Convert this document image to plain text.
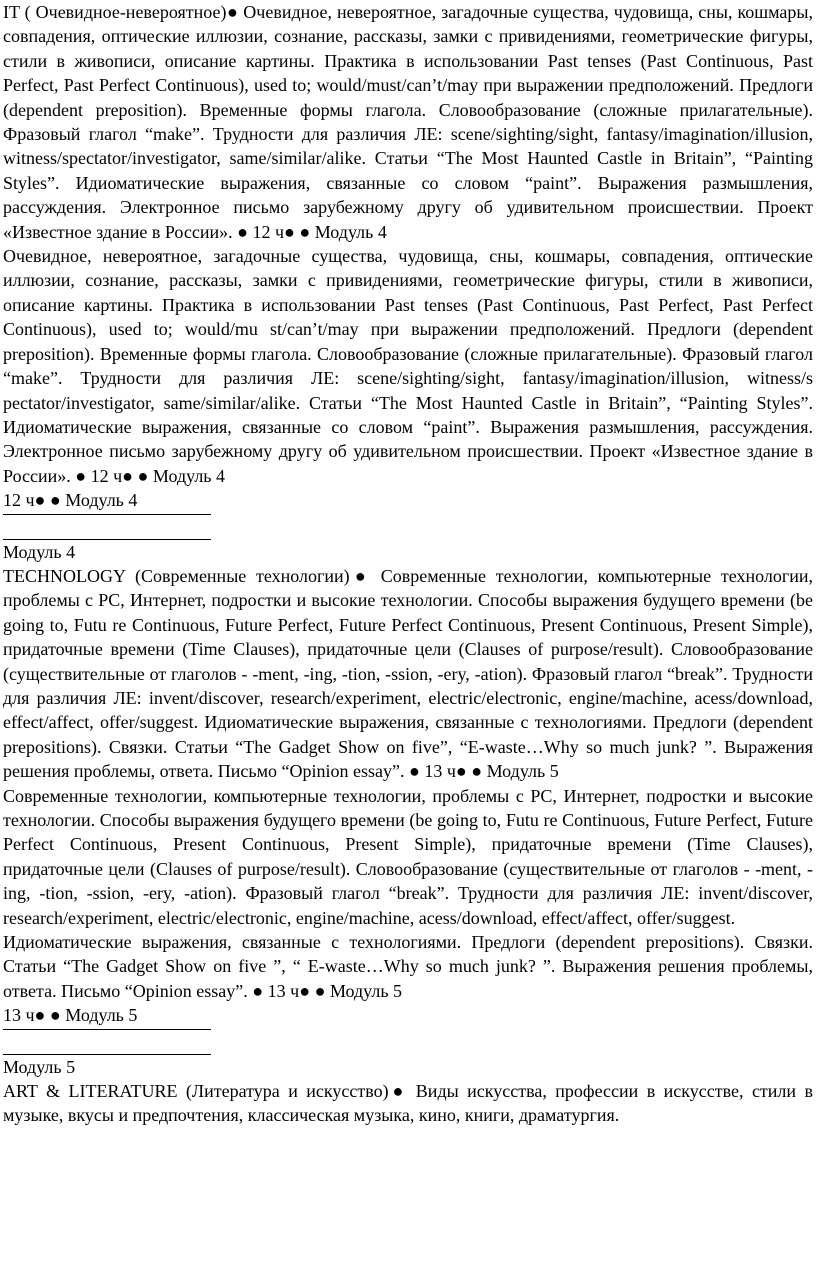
IT ( Очевидное-невероятное)● Очевидное, невероятное, загадочные существа, чудовища, сны, кошмары, совпадения, оптические иллюзии, сознание, рассказы, замки с привидениями, геометрические фигуры, стили в живописи, описание картины. Практика в использовании Past tenses (Past Continuous, Past Perfect, Past Perfect Continuous), used to; would/must/can’t/may при выражении предположений. Предлоги (dependent preposition). Временные формы глагола. Словообразование (сложные прилагательные). Фразовый глагол “make”. Трудности для различия ЛЕ: scene/sighting/sight, fantasy/imagination/illusion, witness/spectator/investigator, same/similar/alike. Статьи “The Most Haunted Castle in Britain”, “Painting Styles”. Идиоматические выражения, связанные со словом “paint”. Выражения размышления, рассуждения. Электронное письмо зарубежному другу об удивительном происшествии. Проект «Известное здание в России». ● 12 ч● ● Модуль 4

Очевидное, невероятное, загадочные существа, чудовища, сны, кошмары, совпадения, оптические иллюзии, сознание, рассказы, замки с привидениями, геометрические фигуры, стили в живописи, описание картины. Практика в использовании Past tenses (Past Continuous, Past Perfect, Past Perfect Continuous), used to; would/mu st/can’t/may при выражении предположений. Предлоги (dependent preposition). Временные формы глагола. Словообразование (сложные прилагательные). Фразовый глагол “make”. Трудности для различия ЛЕ: scene/sighting/sight, fantasy/imagination/illusion, witness/s pectator/investigator, same/similar/alike. Статьи “The Most Haunted Castle in Britain”, “Painting Styles”. Идиоматические выражения, связанные со словом “paint”. Выражения размышления, рассуждения. Электронное письмо зарубежному другу об удивительном происшествии. Проект «Известное здание в России». ● 12 ч● ● Модуль 4

12 ч● ● Модуль 4
Модуль 4

TECHNOLOGY (Современные технологии)● Современные технологии, компьютерные технологии, проблемы с PC, Интернет, подростки и высокие технологии. Способы выражения будущего времени (be going to, Futu re Continuous, Future Perfect, Future Perfect Continuous, Present Continuous, Present Simple), придаточные времени (Time Clauses), придаточные цели (Clauses of purpose/result). Словообразование (существительные от глаголов - -ment, -ing, -tion, -ssion, -ery, -ation). Фразовый глагол “break”. Трудности для различия ЛЕ: invent/discover, research/experiment, electric/electronic, engine/machine, acess/download, effect/affect, offer/suggest. Идиоматические выражения, связанные с технологиями. Предлоги (dependent prepositions). Связки. Статьи “The Gadget Show on five”, “E-waste…Why so much junk? ”. Выражения решения проблемы, ответа. Письмо “Opinion essay”. ● 13 ч● ● Модуль 5

Современные технологии, компьютерные технологии, проблемы с PC, Интернет, подростки и высокие технологии. Способы выражения будущего времени (be going to, Futu re Continuous, Future Perfect, Future Perfect Continuous, Present Continuous, Present Simple), придаточные времени (Time Clauses), придаточные цели (Clauses of purpose/result). Словообразование (существительные от глаголов - -ment, -ing, -tion, -ssion, -ery, -ation). Фразовый глагол “break”. Трудности для различия ЛЕ: invent/discover, research/experiment, electric/electronic, engine/machine, acess/download, effect/affect, offer/suggest.

Идиоматические выражения, связанные с технологиями. Предлоги (dependent prepositions). Связки. Статьи “The Gadget Show on five ”, “ E-waste…Why so much junk? ”. Выражения решения проблемы, ответа. Письмо “Opinion essay”. ● 13 ч● ● Модуль 5

13 ч● ● Модуль 5
Модуль 5

ART & LITERATURE (Литература и искусство)● Виды искусства, профессии в искусстве, стили в музыке, вкусы и предпочтения, классическая музыка, кино, книги, драматургия.
